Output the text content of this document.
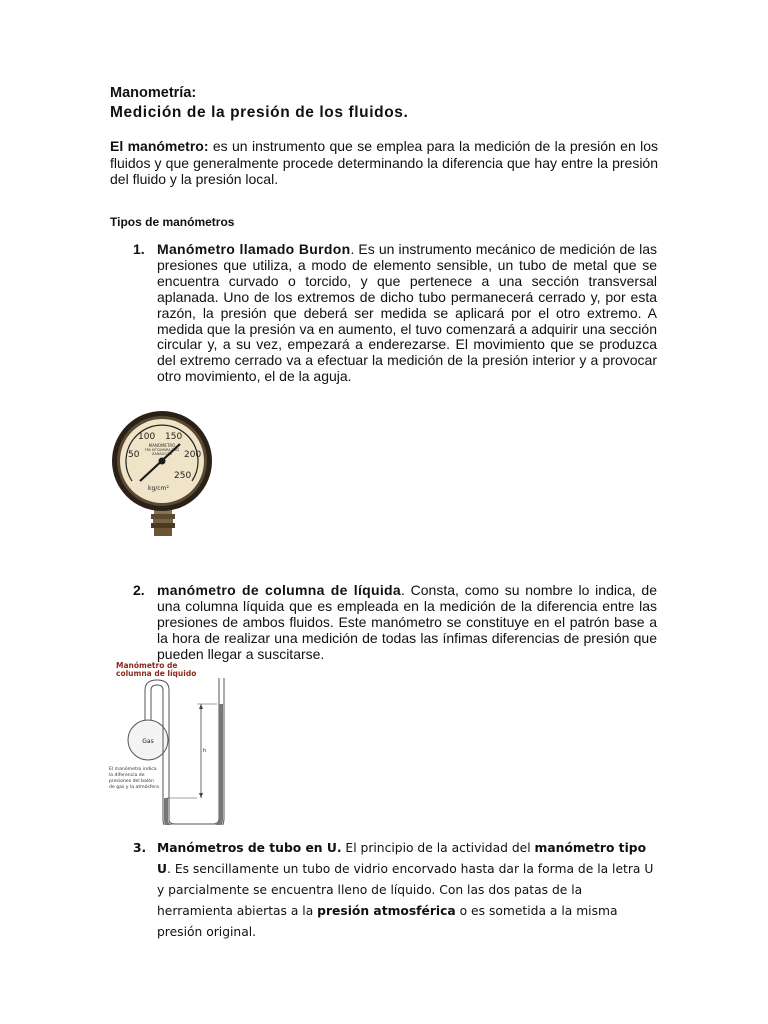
Manometría:
Medición de la presión de los fluidos.
El manómetro: es un instrumento que se emplea para la medición de la presión en los fluidos y que generalmente procede determinando la diferencia que hay entre la presión del fluido y la presión local.
Tipos de manómetros
1. Manómetro llamado Burdon. Es un instrumento mecánico de medición de las presiones que utiliza, a modo de elemento sensible, un tubo de metal que se encuentra curvado o torcido, y que pertenece a una sección transversal aplanada. Uno de los extremos de dicho tubo permanecerá cerrado y, por esta razón, la presión que deberá ser medida se aplicará por el otro extremo. A medida que la presión va en aumento, el tuvo comenzará a adquirir una sección circular y, a su vez, empezará a enderezarse. El movimiento que se produzca del extremo cerrado va a efectuar la medición de la presión interior y a provocar otro movimiento, el de la aguja.
50
100 150
200
250
MANOMETRO
FRA KITSUMURA RUIZ
ZARAGOZA
kg/cm²
2. manómetro de columna de líquida. Consta, como su nombre lo indica, de una columna líquida que es empleada en la medición de la diferencia entre las presiones de ambos fluidos. Este manómetro se constituye en el patrón base a la hora de realizar una medición de todas las ínfimas diferencias de presión que pueden llegar a suscitarse.
Manómetro de
columna de líquido
Gas
h
El manómetro indica
la diferencia de
presiones del balón
de gas y la atmósfera
3. Manómetros de tubo en U. El principio de la actividad del manómetro tipo U. Es sencillamente un tubo de vidrio encorvado hasta dar la forma de la letra U y parcialmente se encuentra lleno de líquido. Con las dos patas de la herramienta abiertas a la presión atmosférica o es sometida a la misma presión original.
